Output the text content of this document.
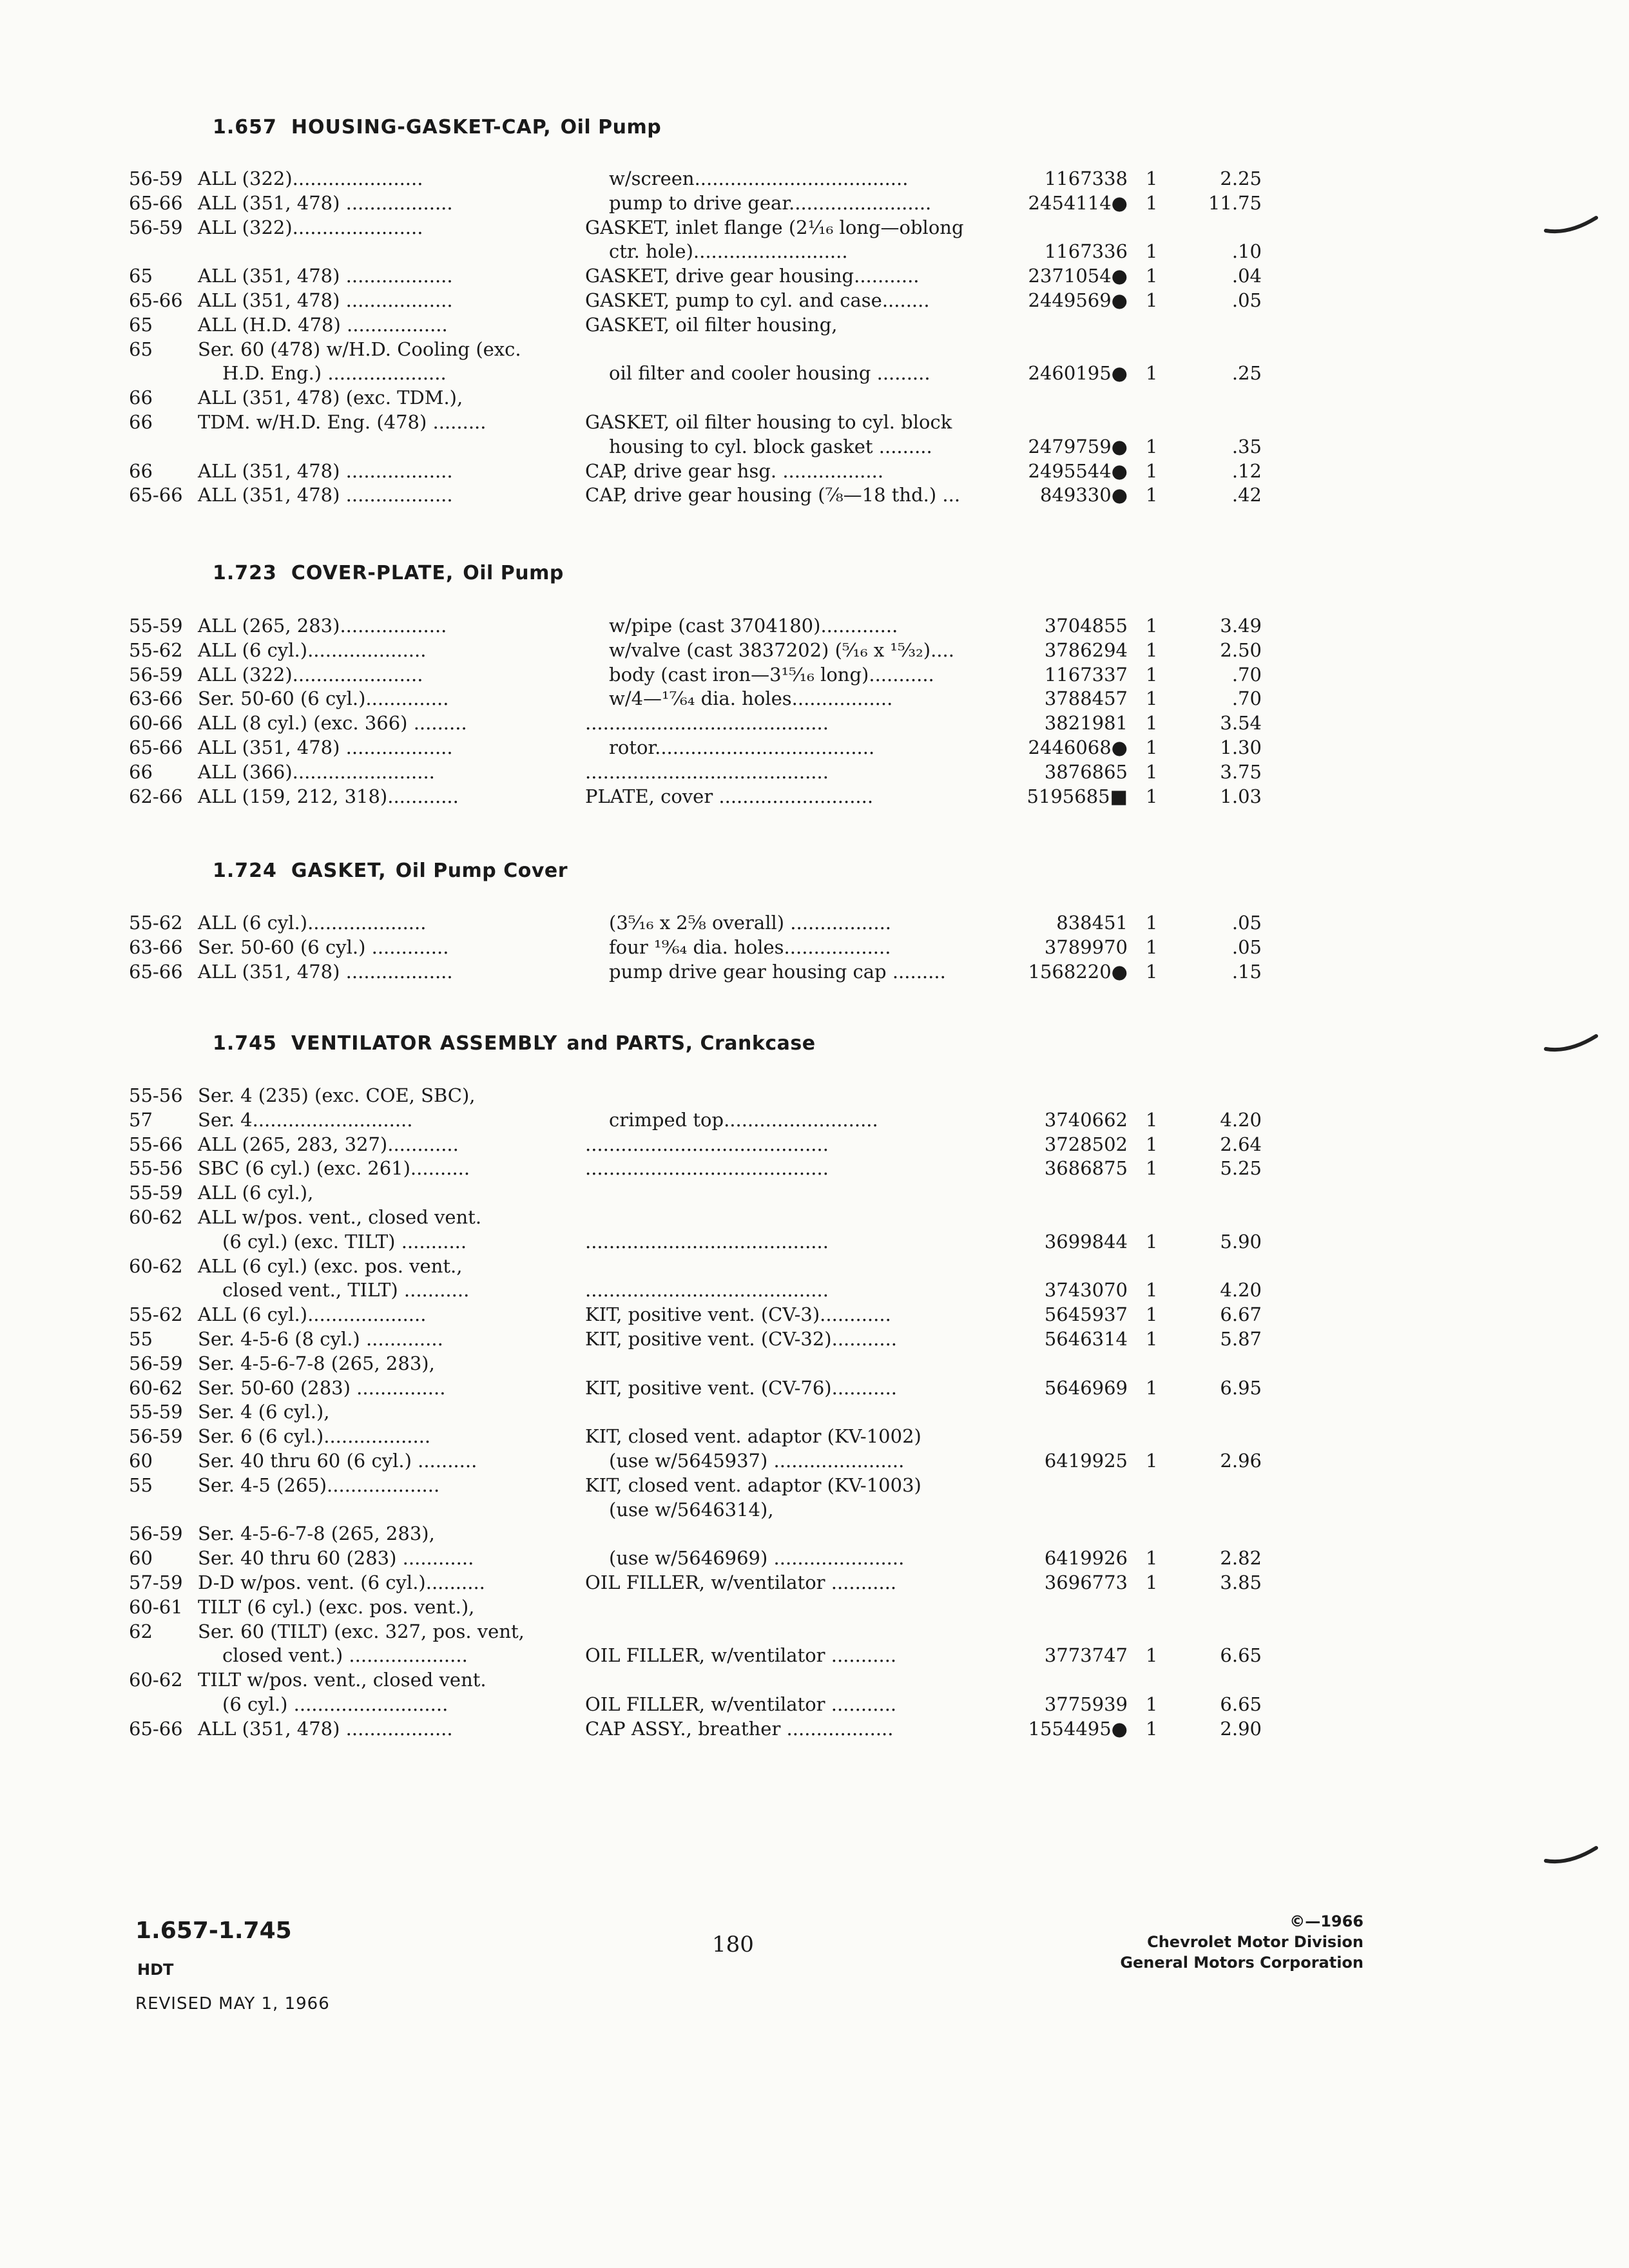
1.657 HOUSING-GASKET-CAP, Oil Pump
56-59 ALL (322)......................	w/screen....................................	1167338 1	2.25
65-66 ALL (351, 478) ..................	pump to drive gear........................	2454114● 1	11.75
56-59 ALL (322)......................	GASKET, inlet flange (2⅟₁₆ long—oblong
ctr. hole)..........................	1167336 1	.10
65 ALL (351, 478) ..................	GASKET, drive gear housing...........	2371054● 1	.04
65-66 ALL (351, 478) ..................	GASKET, pump to cyl. and case........	2449569● 1	.05
65 ALL (H.D. 478) .................	GASKET, oil filter housing,
65 Ser. 60 (478) w/H.D. Cooling (exc.
H.D. Eng.) ....................	oil filter and cooler housing .........	2460195● 1	.25
66 ALL (351, 478) (exc. TDM.),
66 TDM. w/H.D. Eng. (478) .........	GASKET, oil filter housing to cyl. block
housing to cyl. block gasket .........	2479759● 1	.35
66 ALL (351, 478) ..................	CAP, drive gear hsg. .................	2495544● 1	.12
65-66 ALL (351, 478) ..................	CAP, drive gear housing (⅞—18 thd.) ...	849330● 1	.42
1.723 COVER-PLATE, Oil Pump
55-59 ALL (265, 283)..................	w/pipe (cast 3704180).............	3704855 1	3.49
55-62 ALL (6 cyl.)....................	w/valve (cast 3837202) (⁵⁄₁₆ x ¹⁵⁄₃₂)....	3786294 1	2.50
56-59 ALL (322)......................	body (cast iron—3¹⁵⁄₁₆ long)...........	1167337 1	.70
63-66 Ser. 50-60 (6 cyl.)..............	w/4—¹⁷⁄₆₄ dia. holes.................	3788457 1	.70
60-66 ALL (8 cyl.) (exc. 366) .........	.........................................	3821981 1	3.54
65-66 ALL (351, 478) ..................	rotor.....................................	2446068● 1	1.30
66 ALL (366)........................	.........................................	3876865 1	3.75
62-66 ALL (159, 212, 318)............	PLATE, cover ..........................	5195685■ 1	1.03
1.724 GASKET, Oil Pump Cover
55-62 ALL (6 cyl.)....................	(3⁵⁄₁₆ x 2⅝ overall) .................	838451 1	.05
63-66 Ser. 50-60 (6 cyl.) .............	four ¹⁹⁄₆₄ dia. holes..................	3789970 1	.05
65-66 ALL (351, 478) ..................	pump drive gear housing cap .........	1568220● 1	.15
1.745 VENTILATOR ASSEMBLY and PARTS, Crankcase
55-56 Ser. 4 (235) (exc. COE, SBC),
57 Ser. 4...........................	crimped top..........................	3740662 1	4.20
55-66 ALL (265, 283, 327)............	.........................................	3728502 1	2.64
55-56 SBC (6 cyl.) (exc. 261)..........	.........................................	3686875 1	5.25
55-59 ALL (6 cyl.),
60-62 ALL w/pos. vent., closed vent.
(6 cyl.) (exc. TILT) ...........	.........................................	3699844 1	5.90
60-62 ALL (6 cyl.) (exc. pos. vent.,
closed vent., TILT) ...........	.........................................	3743070 1	4.20
55-62 ALL (6 cyl.)....................	KIT, positive vent. (CV-3)............	5645937 1	6.67
55 Ser. 4-5-6 (8 cyl.) .............	KIT, positive vent. (CV-32)...........	5646314 1	5.87
56-59 Ser. 4-5-6-7-8 (265, 283),
60-62 Ser. 50-60 (283) ...............	KIT, positive vent. (CV-76)...........	5646969 1	6.95
55-59 Ser. 4 (6 cyl.),
56-59 Ser. 6 (6 cyl.)..................	KIT, closed vent. adaptor (KV-1002)
60 Ser. 40 thru 60 (6 cyl.) ..........	(use w/5645937) ......................	6419925 1	2.96
55 Ser. 4-5 (265)...................	KIT, closed vent. adaptor (KV-1003)
(use w/5646314),
56-59 Ser. 4-5-6-7-8 (265, 283),
60 Ser. 40 thru 60 (283) ............	(use w/5646969) ......................	6419926 1	2.82
57-59 D-D w/pos. vent. (6 cyl.)..........	OIL FILLER, w/ventilator ...........	3696773 1	3.85
60-61 TILT (6 cyl.) (exc. pos. vent.),
62 Ser. 60 (TILT) (exc. 327, pos. vent,
closed vent.) ....................	OIL FILLER, w/ventilator ...........	3773747 1	6.65
60-62 TILT w/pos. vent., closed vent.
(6 cyl.) ..........................	OIL FILLER, w/ventilator ...........	3775939 1	6.65
65-66 ALL (351, 478) ..................	CAP ASSY., breather ..................	1554495● 1	2.90
1.657-1.745
HDT
REVISED MAY 1, 1966
180
©—1966
Chevrolet Motor Division
General Motors Corporation
